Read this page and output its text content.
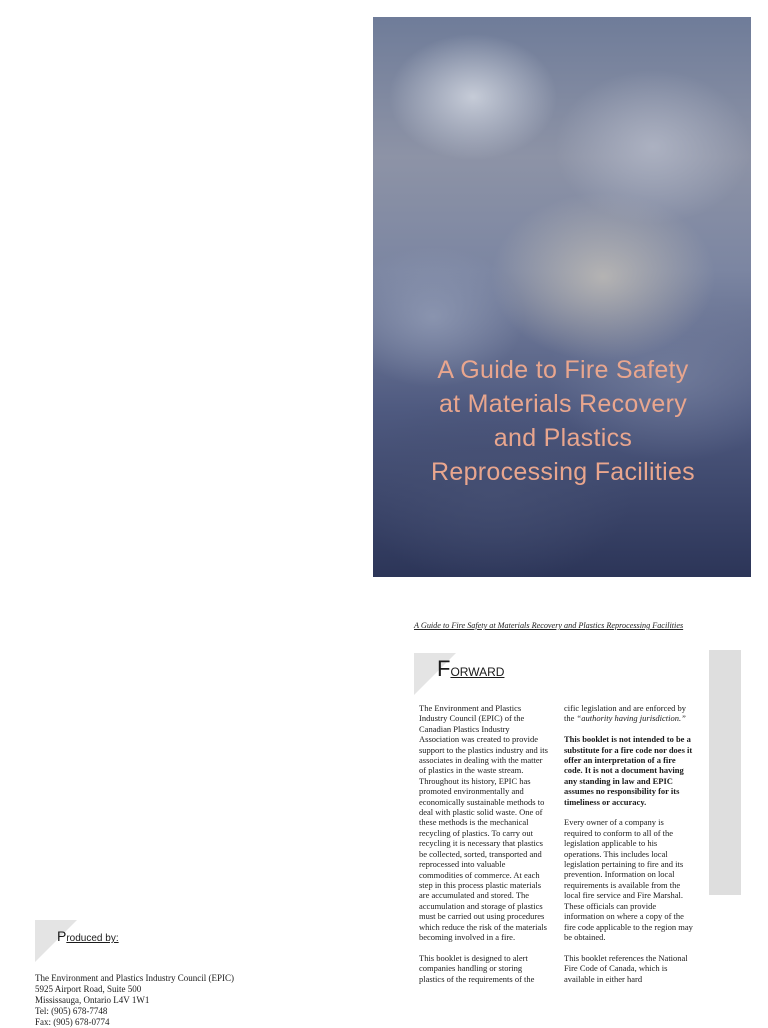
A Guide to Fire Safety
at Materials Recovery
and Plastics
Reprocessing Facilities
A Guide to Fire Safety at Materials Recovery and Plastics Reprocessing Facilities
FORWARD

The Environment and Plastics Industry Council (EPIC) of the Canadian Plastics Industry Association was created to provide support to the plastics industry and its associates in dealing with the matter of plastics in the waste stream. Throughout its history, EPIC has promoted environmentally and economically sustainable methods to deal with plastic solid waste. One of these methods is the mechanical recycling of plastics. To carry out recycling it is necessary that plastics be collected, sorted, transported and reprocessed into valuable commodities of commerce. At each step in this process plastic materials are accumulated and stored. The accumulation and storage of plastics must be carried out using procedures which reduce the risk of the materials becoming involved in a fire.

This booklet is designed to alert companies handling or storing plastics of the requirements of the

cific legislation and are enforced by the “authority having jurisdiction.”

This booklet is not intended to be a substitute for a fire code nor does it offer an interpretation of a fire code. It is not a document having any standing in law and EPIC assumes no responsibility for its timeliness or accuracy.

Every owner of a company is required to conform to all of the legislation applicable to his operations. This includes local legislation pertaining to fire and its prevention. Information on local requirements is available from the local fire service and Fire Marshal. These officials can provide information on where a copy of the fire code applicable to the region may be obtained.

This booklet references the National Fire Code of Canada, which is available in either hard

Produced by:
The Environment and Plastics Industry Council (EPIC)
5925 Airport Road, Suite 500
Mississauga, Ontario L4V 1W1
Tel: (905) 678-7748
Fax: (905) 678-0774
